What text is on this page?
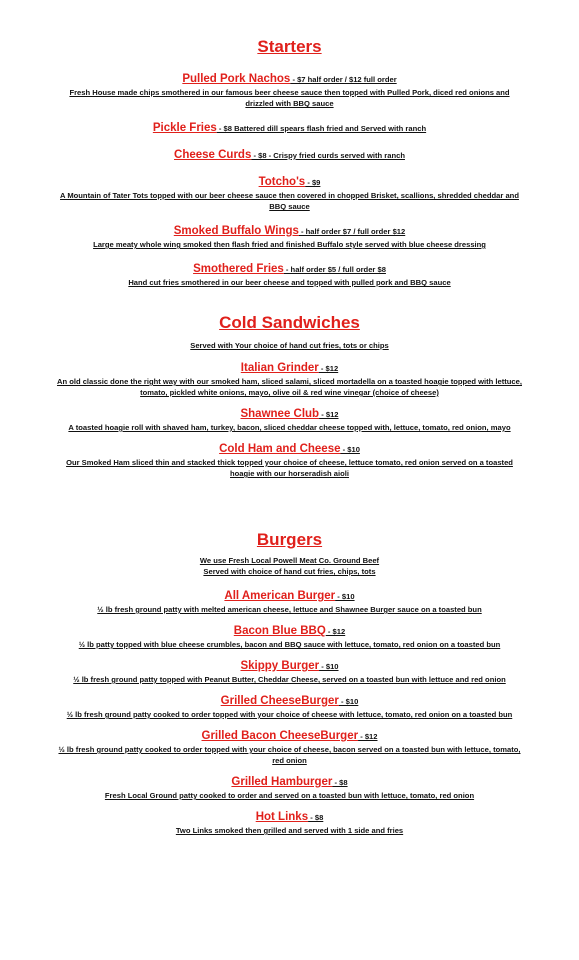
Starters
Pulled Pork Nachos - $7 half order / $12 full order
Fresh House made chips smothered in our famous beer cheese sauce then topped with Pulled Pork, diced red onions and drizzled with BBQ sauce
Pickle Fries - $8 Battered dill spears flash fried and Served with ranch
Cheese Curds - $8 - Crispy fried curds served with ranch
Totcho's - $9
A Mountain of Tater Tots topped with our beer cheese sauce then covered in chopped Brisket, scallions, shredded cheddar and BBQ sauce
Smoked Buffalo Wings - half order $7 / full order $12
Large meaty whole wing smoked then flash fried and finished Buffalo style served with blue cheese dressing
Smothered Fries - half order $5 / full order $8
Hand cut fries smothered in our beer cheese and topped with pulled pork and BBQ sauce
Cold Sandwiches
Served with Your choice of hand cut fries, tots or chips
Italian Grinder - $12
An old classic done the right way with our smoked ham, sliced salami, sliced mortadella on a toasted hoagie topped with lettuce, tomato, pickled white onions, mayo, olive oil & red wine vinegar (choice of cheese)
Shawnee Club - $12
A toasted hoagie roll with shaved ham, turkey, bacon, sliced cheddar cheese topped with, lettuce, tomato, red onion, mayo
Cold Ham and Cheese - $10
Our Smoked Ham sliced thin and stacked thick topped your choice of cheese, lettuce tomato, red onion served on a toasted hoagie with our horseradish aioli
Burgers
We use Fresh Local Powell Meat Co. Ground Beef
Served with choice of hand cut fries, chips, tots
All American Burger - $10
½ lb fresh ground patty with melted american cheese, lettuce and Shawnee Burger sauce on a toasted bun
Bacon Blue BBQ - $12
½ lb patty topped with blue cheese crumbles, bacon and BBQ sauce with lettuce, tomato, red onion on a toasted bun
Skippy Burger - $10
½ lb fresh ground patty topped with Peanut Butter, Cheddar Cheese, served on a toasted bun with lettuce and red onion
Grilled CheeseBurger - $10
½ lb fresh ground patty cooked to order topped with your choice of cheese with lettuce, tomato, red onion on a toasted bun
Grilled Bacon CheeseBurger - $12
½ lb fresh ground patty cooked to order topped with your choice of cheese, bacon served on a toasted bun with lettuce, tomato, red onion
Grilled Hamburger - $8
Fresh Local Ground patty cooked to order and served on a toasted bun with lettuce, tomato, red onion
Hot Links - $8
Two Links smoked then grilled and served with 1 side and fries
